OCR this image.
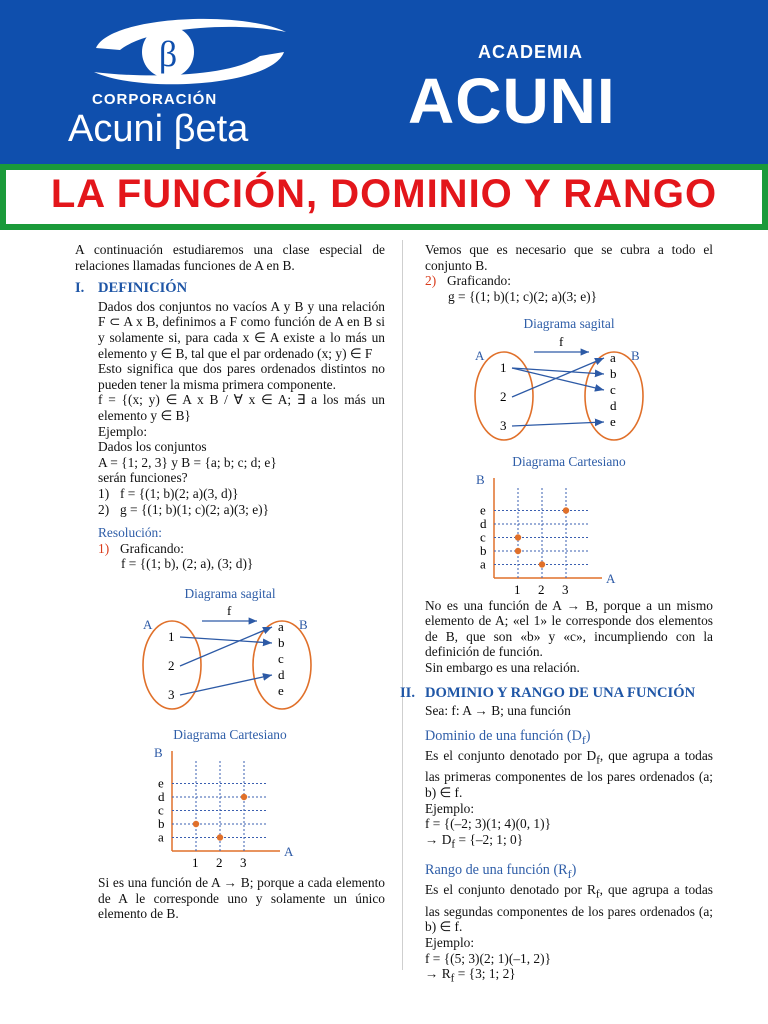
β
CORPORACIÓN
Acuni βeta
ACADEMIA
ACUNI
LA FUNCIÓN, DOMINIO Y RANGO

A continuación estudiaremos una clase especial de relaciones llamadas funciones de A en B.

I. DEFINICIÓN

Dados dos conjuntos no vacíos A y B y una relación F ⊂ A x B, definimos a F como función de A en B si y solamente si, para cada x ∈ A existe a lo más un elemento y ∈ B, tal que el par ordenado (x; y) ∈ F

Esto significa que dos pares ordenados distintos no pueden tener la misma primera componente.

f = {(x; y) ∈ A x B / ∀ x ∈ A; ∃ a los más un elemento y ∈ B}

Ejemplo:

Dados los conjuntos

A = {1; 2, 3} y B = {a; b; c; d; e}

serán funciones?

1) f = {(1; b)(2; a)(3, d)}

2) g = {(1; b)(1; c)(2; a)(3; e)}

Resolución:

1) Graficando:

f = {(1; b), (2; a), (3; d)}

Diagrama sagital
A	B
f
1
2
3
a
b
c
d
e
Diagrama Cartesiano
A
B
1 2 3
a
b
c
d
e

Si es una función de A → B; porque a cada elemento de A le corresponde uno y solamente un único elemento de B.

Vemos que es necesario que se cubra a todo el conjunto B.

2) Graficando:

g = {(1; b)(1; c)(2; a)(3; e)}

Diagrama sagital
A	B
f
1
2
3
a
b
c
d
e
Diagrama Cartesiano
A
B
1 2 3
a
b
c
d
e

No es una función de A → B, porque a un mismo elemento de A; «el 1» le corresponde dos elementos de B, que son «b» y «c», incumpliendo con la definición de función.

Sin embargo es una relación.

II. DOMINIO Y RANGO DE UNA FUNCIÓN

Sea: f: A → B; una función

Dominio de una función $(D_f)$

Es el conjunto denotado por $D_f$, que agrupa a todas las primeras componentes de los pares ordenados (a; b) ∈ f.

Ejemplo:

f = {(–2; 3)(1; 4)(0, 1)}

→ $D_f = \{-2$; 1; 0}

Rango de una función $(R_f)$

Es el conjunto denotado por $R_f$, que agrupa a todas las segundas componentes de los pares ordenados (a; b) ∈ f.

Ejemplo:

f = {(5; 3)(2; 1)(–1, 2)}

→ $R_f = \{3$; 1; 2}
